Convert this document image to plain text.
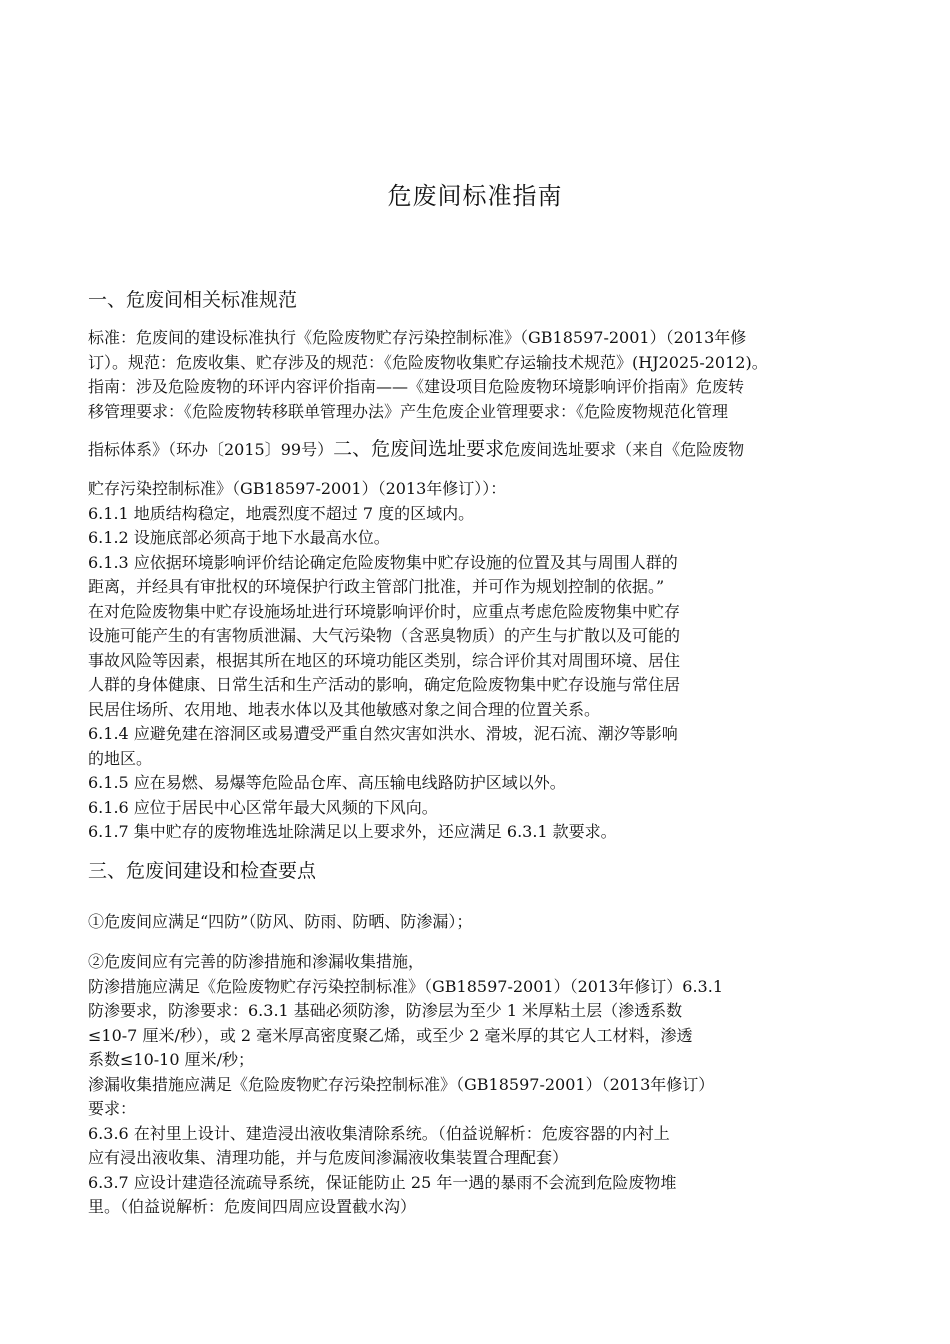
危废间标准指南
一、危废间相关标准规范
标准：危废间的建设标准执行《危险废物贮存污染控制标准》（GB18597-2001）（2013年修
订）。规范：危废收集、贮存涉及的规范：《危险废物收集贮存运输技术规范》(HJ2025-2012)。
指南：涉及危险废物的环评内容评价指南——《建设项目危险废物环境影响评价指南》危废转
移管理要求：《危险废物转移联单管理办法》产生危废企业管理要求：《危险废物规范化管理
指标体系》（环办〔2015〕99号）二、危废间选址要求危废间选址要求（来自《危险废物
贮存污染控制标准》（GB18597-2001）（2013年修订））：
6.1.1 地质结构稳定，地震烈度不超过 7 度的区域内。
6.1.2 设施底部必须高于地下水最高水位。
6.1.3 应依据环境影响评价结论确定危险废物集中贮存设施的位置及其与周围人群的
距离，并经具有审批权的环境保护行政主管部门批准，并可作为规划控制的依据。”
在对危险废物集中贮存设施场址进行环境影响评价时，应重点考虑危险废物集中贮存
设施可能产生的有害物质泄漏、大气污染物（含恶臭物质）的产生与扩散以及可能的
事故风险等因素，根据其所在地区的环境功能区类别，综合评价其对周围环境、居住
人群的身体健康、日常生活和生产活动的影响，确定危险废物集中贮存设施与常住居
民居住场所、农用地、地表水体以及其他敏感对象之间合理的位置关系。
6.1.4 应避免建在溶洞区或易遭受严重自然灾害如洪水、滑坡，泥石流、潮汐等影响
的地区。
6.1.5 应在易燃、易爆等危险品仓库、高压输电线路防护区域以外。
6.1.6 应位于居民中心区常年最大风频的下风向。
6.1.7 集中贮存的废物堆选址除满足以上要求外，还应满足 6.3.1 款要求。
三、危废间建设和检查要点
①危废间应满足“四防”（防风、防雨、防晒、防渗漏）；
②危废间应有完善的防渗措施和渗漏收集措施，
防渗措施应满足《危险废物贮存污染控制标准》（GB18597-2001）（2013年修订）6.3.1
防渗要求，防渗要求：6.3.1 基础必须防渗，防渗层为至少 1 米厚粘土层（渗透系数
≤10-7 厘米/秒），或 2 毫米厚高密度聚乙烯，或至少 2 毫米厚的其它人工材料，渗透
系数≤10-10 厘米/秒；
渗漏收集措施应满足《危险废物贮存污染控制标准》（GB18597-2001）（2013年修订）
要求：
6.3.6 在衬里上设计、建造浸出液收集清除系统。（伯益说解析：危废容器的内衬上
应有浸出液收集、清理功能，并与危废间渗漏液收集装置合理配套）
6.3.7 应设计建造径流疏导系统，保证能防止 25 年一遇的暴雨不会流到危险废物堆
里。（伯益说解析：危废间四周应设置截水沟）
